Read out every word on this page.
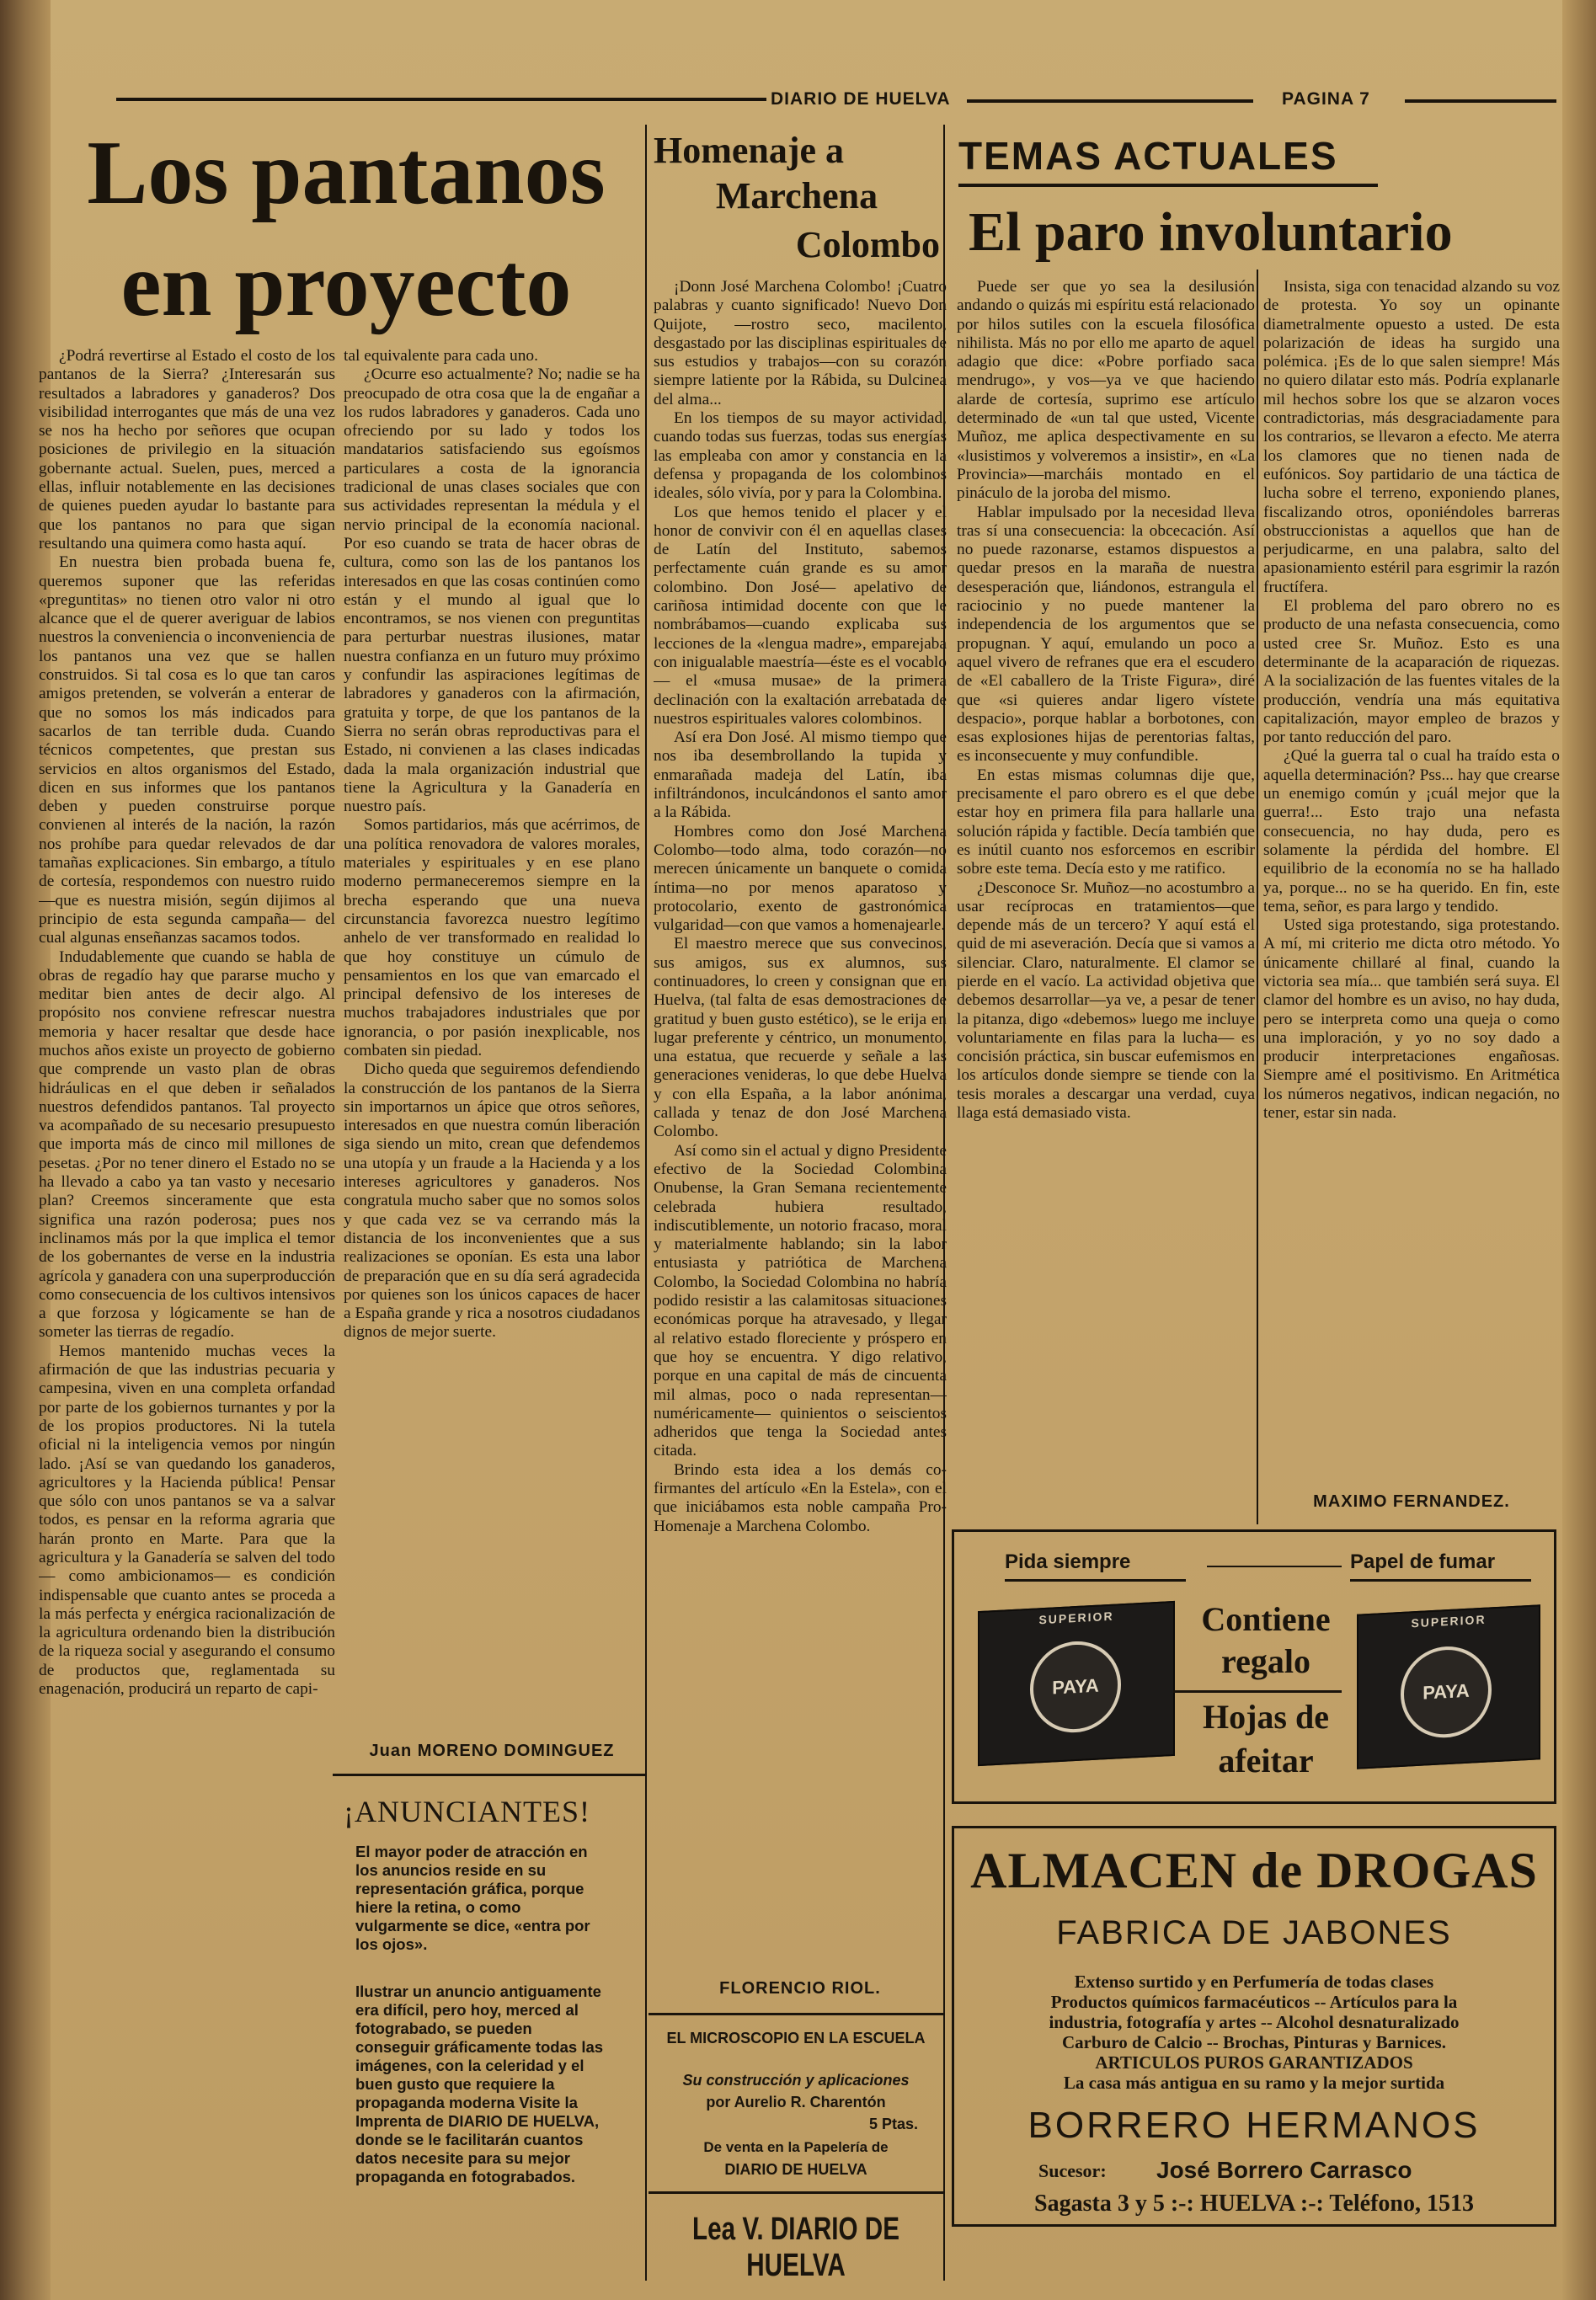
DIARIO DE HUELVA	PAGINA 7
Los pantanos
en proyecto

¿Podrá revertirse al Estado el costo de los pantanos de la Sierra? ¿Interesarán sus resultados a labradores y ganaderos? Dos visibilidad interrogantes que más de una vez se nos ha hecho por señores que ocupan posiciones de privilegio en la situación gobernante actual. Suelen, pues, merced a ellas, influir notablemente en las decisiones de quienes pueden ayudar lo bastante para que los pantanos no para que sigan resultando una quimera como hasta aquí.

En nuestra bien probada buena fe, queremos suponer que las referidas «preguntitas» no tienen otro valor ni otro alcance que el de querer averiguar de labios nuestros la conveniencia o inconveniencia de los pantanos una vez que se hallen construidos. Si tal cosa es lo que tan caros amigos pretenden, se volverán a enterar de que no somos los más indicados para sacarlos de tan terrible duda. Cuando técnicos competentes, que prestan sus servicios en altos organismos del Estado, dicen en sus informes que los pantanos deben y pueden construirse porque convienen al interés de la nación, la razón nos prohíbe para quedar relevados de dar tamañas explicaciones. Sin embargo, a título de cortesía, respondemos con nuestro ruido —que es nuestra misión, según dijimos al principio de esta segunda campaña— del cual algunas enseñanzas sacamos todos.

Indudablemente que cuando se habla de obras de regadío hay que pararse mucho y meditar bien antes de decir algo. Al propósito nos conviene refrescar nuestra memoria y hacer resaltar que desde hace muchos años existe un proyecto de gobierno que comprende un vasto plan de obras hidráulicas en el que deben ir señalados nuestros defendidos pantanos. Tal proyecto va acompañado de su necesario presupuesto que importa más de cinco mil millones de pesetas. ¿Por no tener dinero el Estado no se ha llevado a cabo ya tan vasto y necesario plan? Creemos sinceramente que esta significa una razón poderosa; pues nos inclinamos más por la que implica el temor de los gobernantes de verse en la industria agrícola y ganadera con una superproducción como consecuencia de los cultivos intensivos a que forzosa y lógicamente se han de someter las tierras de regadío.

Hemos mantenido muchas veces la afirmación de que las industrias pecuaria y campesina, viven en una completa orfandad por parte de los gobiernos turnantes y por la de los propios productores. Ni la tutela oficial ni la inteligencia vemos por ningún lado. ¡Así se van quedando los ganaderos, agricultores y la Hacienda pública! Pensar que sólo con unos pantanos se va a salvar todos, es pensar en la reforma agraria que harán pronto en Marte. Para que la agricultura y la Ganadería se salven del todo— como ambicionamos— es condición indispensable que cuanto antes se proceda a la más perfecta y enérgica racionalización de la agricultura ordenando bien la distribución de la riqueza social y asegurando el consumo de productos que, reglamentada su enagenación, producirá un reparto de capi-

tal equivalente para cada uno.

¿Ocurre eso actualmente? No; nadie se ha preocupado de otra cosa que la de engañar a los rudos labradores y ganaderos. Cada uno ofreciendo por su lado y todos los mandatarios satisfaciendo sus egoísmos particulares a costa de la ignorancia tradicional de unas clases sociales que con sus actividades representan la médula y el nervio principal de la economía nacional. Por eso cuando se trata de hacer obras de cultura, como son las de los pantanos los interesados en que las cosas continúen como están y el mundo al igual que lo encontramos, se nos vienen con preguntitas para perturbar nuestras ilusiones, matar nuestra confianza en un futuro muy próximo y confundir las aspiraciones legítimas de labradores y ganaderos con la afirmación, gratuita y torpe, de que los pantanos de la Sierra no serán obras reproductivas para el Estado, ni convienen a las clases indicadas dada la mala organización industrial que tiene la Agricultura y la Ganadería en nuestro país.

Somos partidarios, más que acérrimos, de una política renovadora de valores morales, materiales y espirituales y en ese plano moderno permaneceremos siempre en la brecha esperando que una nueva circunstancia favorezca nuestro legítimo anhelo de ver transformado en realidad lo que hoy constituye un cúmulo de pensamientos en los que van emarcado el principal defensivo de los intereses de muchos trabajadores industriales que por ignorancia, o por pasión inexplicable, nos combaten sin piedad.

Dicho queda que seguiremos defendiendo la construcción de los pantanos de la Sierra sin importarnos un ápice que otros señores, interesados en que nuestra común liberación siga siendo un mito, crean que defendemos una utopía y un fraude a la Hacienda y a los intereses agricultores y ganaderos. Nos congratula mucho saber que no somos solos y que cada vez se va cerrando más la distancia de los inconvenientes que a sus realizaciones se oponían. Es esta una labor de preparación que en su día será agradecida por quienes son los únicos capaces de hacer a España grande y rica a nosotros ciudadanos dignos de mejor suerte.

Juan MORENO DOMINGUEZ
¡ANUNCIANTES!
El mayor poder de atracción en los anuncios reside en su representación gráfica, porque hiere la retina, o como vulgarmente se dice, «entra por los ojos».
Ilustrar un anuncio antiguamente era difícil, pero hoy, merced al fotograbado, se pueden conseguir gráficamente todas las imágenes, con la celeridad y el buen gusto que requiere la propaganda moderna Visite la Imprenta de DIARIO DE HUELVA, donde se le facilitarán cuantos datos necesite para su mejor propaganda en fotograbados.
Homenaje a
Marchena
Colombo

¡Donn José Marchena Colombo! ¡Cuatro palabras y cuanto significado! Nuevo Don Quijote, —rostro seco, macilento, desgastado por las disciplinas espirituales de sus estudios y trabajos—con su corazón siempre latiente por la Rábida, su Dulcinea del alma...

En los tiempos de su mayor actividad, cuando todas sus fuerzas, todas sus energías las empleaba con amor y constancia en la defensa y propaganda de los colombinos ideales, sólo vivía, por y para la Colombina.

Los que hemos tenido el placer y el honor de convivir con él en aquellas clases de Latín del Instituto, sabemos perfectamente cuán grande es su amor colombino. Don José— apelativo de cariñosa intimidad docente con que le nombrábamos—cuando explicaba sus lecciones de la «lengua madre», emparejaba con inigualable maestría—éste es el vocablo— el «musa musae» de la primera declinación con la exaltación arrebatada de nuestros espirituales valores colombinos.

Así era Don José. Al mismo tiempo que nos iba desembrollando la tupida y enmarañada madeja del Latín, iba infiltrándonos, inculcándonos el santo amor a la Rábida.

Hombres como don José Marchena Colombo—todo alma, todo corazón—no merecen únicamente un banquete o comida íntima—no por menos aparatoso y protocolario, exento de gastronómica vulgaridad—con que vamos a homenajearle.

El maestro merece que sus convecinos, sus amigos, sus ex alumnos, sus continuadores, lo creen y consignan que en Huelva, (tal falta de esas demostraciones de gratitud y buen gusto estético), se le erija en lugar preferente y céntrico, un monumento, una estatua, que recuerde y señale a las generaciones venideras, lo que debe Huelva y con ella España, a la labor anónima, callada y tenaz de don José Marchena Colombo.

Así como sin el actual y digno Presidente efectivo de la Sociedad Colombina Onubense, la Gran Semana recientemente celebrada hubiera resultado, indiscutiblemente, un notorio fracaso, moral y materialmente hablando; sin la labor entusiasta y patriótica de Marchena Colombo, la Sociedad Colombina no habría podido resistir a las calamitosas situaciones económicas porque ha atravesado, y llegar al relativo estado floreciente y próspero en que hoy se encuentra. Y digo relativo, porque en una capital de más de cincuenta mil almas, poco o nada representan— numéricamente— quinientos o seiscientos adheridos que tenga la Sociedad antes citada.

Brindo esta idea a los demás co-firmantes del artículo «En la Estela», con el que iniciábamos esta noble campaña Pro-Homenaje a Marchena Colombo.

FLORENCIO RIOL.
EL MICROSCOPIO EN LA ESCUELA
Su construcción y aplicaciones
por Aurelio R. Charentón
5 Ptas.
De venta en la Papelería de
DIARIO DE HUELVA
Lea V. DIARIO DE HUELVA
TEMAS ACTUALES
El paro involuntario

Puede ser que yo sea la desilusión andando o quizás mi espíritu está relacionado por hilos sutiles con la escuela filosófica nihilista. Más no por ello me aparto de aquel adagio que dice: «Pobre porfiado saca mendrugo», y vos—ya ve que haciendo alarde de cortesía, suprimo ese artículo determinado de «un tal que usted, Vicente Muñoz, me aplica despectivamente en su «lusistimos y volveremos a insistir», en «La Provincia»—marcháis montado en el pináculo de la joroba del mismo.

Hablar impulsado por la necesidad lleva tras sí una consecuencia: la obcecación. Así no puede razonarse, estamos dispuestos a quedar presos en la maraña de nuestra desesperación que, liándonos, estrangula el raciocinio y no puede mantener la independencia de los argumentos que se propugnan. Y aquí, emulando un poco a aquel vivero de refranes que era el escudero de «El caballero de la Triste Figura», diré que «si quieres andar ligero vístete despacio», porque hablar a borbotones, con esas explosiones hijas de perentorias faltas, es inconsecuente y muy confundible.

En estas mismas columnas dije que, precisamente el paro obrero es el que debe estar hoy en primera fila para hallarle una solución rápida y factible. Decía también que es inútil cuanto nos esforcemos en escribir sobre este tema. Decía esto y me ratifico.

¿Desconoce Sr. Muñoz—no acostumbro a usar recíprocas en tratamientos—que depende más de un tercero? Y aquí está el quid de mi aseveración. Decía que si vamos a silenciar. Claro, naturalmente. El clamor se pierde en el vacío. La actividad objetiva que debemos desarrollar—ya ve, a pesar de tener la pitanza, digo «debemos» luego me incluye voluntariamente en filas para la lucha— es concisión práctica, sin buscar eufemismos en los artículos donde siempre se tiende con la tesis morales a descargar una verdad, cuya llaga está demasiado vista.

Insista, siga con tenacidad alzando su voz de protesta. Yo soy un opinante diametralmente opuesto a usted. De esta polarización de ideas ha surgido una polémica. ¡Es de lo que salen siempre! Más no quiero dilatar esto más. Podría explanarle mil hechos sobre los que se alzaron voces contradictorias, más desgraciadamente para los contrarios, se llevaron a efecto. Me aterra los clamores que no tienen nada de eufónicos. Soy partidario de una táctica de lucha sobre el terreno, exponiendo planes, fiscalizando otros, oponiéndoles barreras obstruccionistas a aquellos que han de perjudicarme, en una palabra, salto del apasionamiento estéril para esgrimir la razón fructífera.

El problema del paro obrero no es producto de una nefasta consecuencia, como usted cree Sr. Muñoz. Esto es una determinante de la acaparación de riquezas. A la socialización de las fuentes vitales de la producción, vendría una más equitativa capitalización, mayor empleo de brazos y por tanto reducción del paro.

¿Qué la guerra tal o cual ha traído esta o aquella determinación? Pss... hay que crearse un enemigo común y ¡cuál mejor que la guerra!... Esto trajo una nefasta consecuencia, no hay duda, pero es solamente la pérdida del hombre. El equilibrio de la economía no se ha hallado ya, porque... no se ha querido. En fin, este tema, señor, es para largo y tendido.

Usted siga protestando, siga protestando. A mí, mi criterio me dicta otro método. Yo únicamente chillaré al final, cuando la victoria sea mía... que también será suya. El clamor del hombre es un aviso, no hay duda, pero se interpreta como una queja o como una imploración, y yo no soy dado a producir interpretaciones engañosas. Siempre amé el positivismo. En Aritmética los números negativos, indican negación, no tener, estar sin nada.

MAXIMO FERNANDEZ.
Pida siempre	Papel de fumar
SUPERIOR
PAYA
SUPERIOR
PAYA
Contiene
regalo
Hojas de
afeitar
ALMACEN de DROGAS
FABRICA DE JABONES
Extenso surtido y en Perfumería de todas clases
Productos químicos farmacéuticos -- Artículos para la
industria, fotografía y artes -- Alcohol desnaturalizado
Carburo de Calcio -- Brochas, Pinturas y Barnices.
ARTICULOS PUROS GARANTIZADOS
La casa más antigua en su ramo y la mejor surtida
BORRERO HERMANOS
Sucesor: José Borrero Carrasco
Sagasta 3 y 5 :-: HUELVA :-: Teléfono, 1513
